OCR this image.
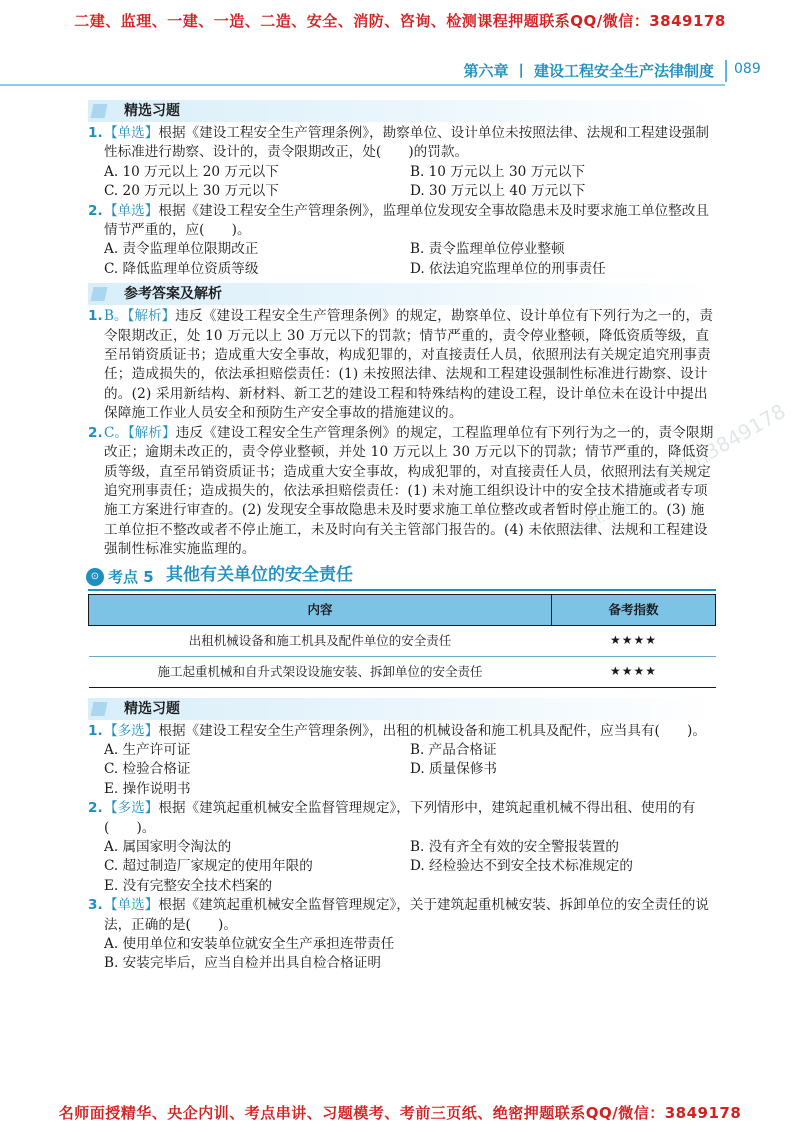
二建、监理、一建、一造、二造、安全、消防、咨询、检测课程押题联系QQ/微信：3849178
第六章 丨 建设工程安全生产法律制度 089
精准押题联系微信3849178
精选习题
1. 【单选】根据《建设工程安全生产管理条例》，勘察单位、设计单位未按照法律、法规和工程建设强制性标准进行勘察、设计的，责令限期改正，处(　　)的罚款。
A. 10 万元以上 20 万元以下	B. 10 万元以上 30 万元以下
C. 20 万元以上 30 万元以下	D. 30 万元以上 40 万元以下
2. 【单选】根据《建设工程安全生产管理条例》，监理单位发现安全事故隐患未及时要求施工单位整改且情节严重的，应(　　)。
A. 责令监理单位限期改正	B. 责令监理单位停业整顿
C. 降低监理单位资质等级	D. 依法追究监理单位的刑事责任
参考答案及解析
1. B。【解析】违反《建设工程安全生产管理条例》的规定，勘察单位、设计单位有下列行为之一的，责令限期改正，处 10 万元以上 30 万元以下的罚款；情节严重的，责令停业整顿，降低资质等级，直至吊销资质证书；造成重大安全事故，构成犯罪的，对直接责任人员，依照刑法有关规定追究刑事责任；造成损失的，依法承担赔偿责任：(1) 未按照法律、法规和工程建设强制性标准进行勘察、设计的。(2) 采用新结构、新材料、新工艺的建设工程和特殊结构的建设工程，设计单位未在设计中提出保障施工作业人员安全和预防生产安全事故的措施建议的。
2. C。【解析】违反《建设工程安全生产管理条例》的规定，工程监理单位有下列行为之一的，责令限期改正；逾期未改正的，责令停业整顿，并处 10 万元以上 30 万元以下的罚款；情节严重的，降低资质等级，直至吊销资质证书；造成重大安全事故，构成犯罪的，对直接责任人员，依照刑法有关规定追究刑事责任；造成损失的，依法承担赔偿责任：(1) 未对施工组织设计中的安全技术措施或者专项施工方案进行审查的。(2) 发现安全事故隐患未及时要求施工单位整改或者暂时停止施工的。(3) 施工单位拒不整改或者不停止施工，未及时向有关主管部门报告的。(4) 未依照法律、法规和工程建设强制性标准实施监理的。
⊙ 考点 5 其他有关单位的安全责任
内容	备考指数
出租机械设备和施工机具及配件单位的安全责任	★★★★
施工起重机械和自升式架设设施安装、拆卸单位的安全责任	★★★★
精选习题
1. 【多选】根据《建设工程安全生产管理条例》，出租的机械设备和施工机具及配件，应当具有(　　)。
A. 生产许可证	B. 产品合格证
C. 检验合格证	D. 质量保修书
E. 操作说明书
2. 【多选】根据《建筑起重机械安全监督管理规定》，下列情形中，建筑起重机械不得出租、使用的有(　　)。
A. 属国家明令淘汰的	B. 没有齐全有效的安全警报装置的
C. 超过制造厂家规定的使用年限的	D. 经检验达不到安全技术标准规定的
E. 没有完整安全技术档案的
3. 【单选】根据《建筑起重机械安全监督管理规定》，关于建筑起重机械安装、拆卸单位的安全责任的说法，正确的是(　　)。
A. 使用单位和安装单位就安全生产承担连带责任
B. 安装完毕后，应当自检并出具自检合格证明
名师面授精华、央企内训、考点串讲、习题模考、考前三页纸、绝密押题联系QQ/微信：3849178
